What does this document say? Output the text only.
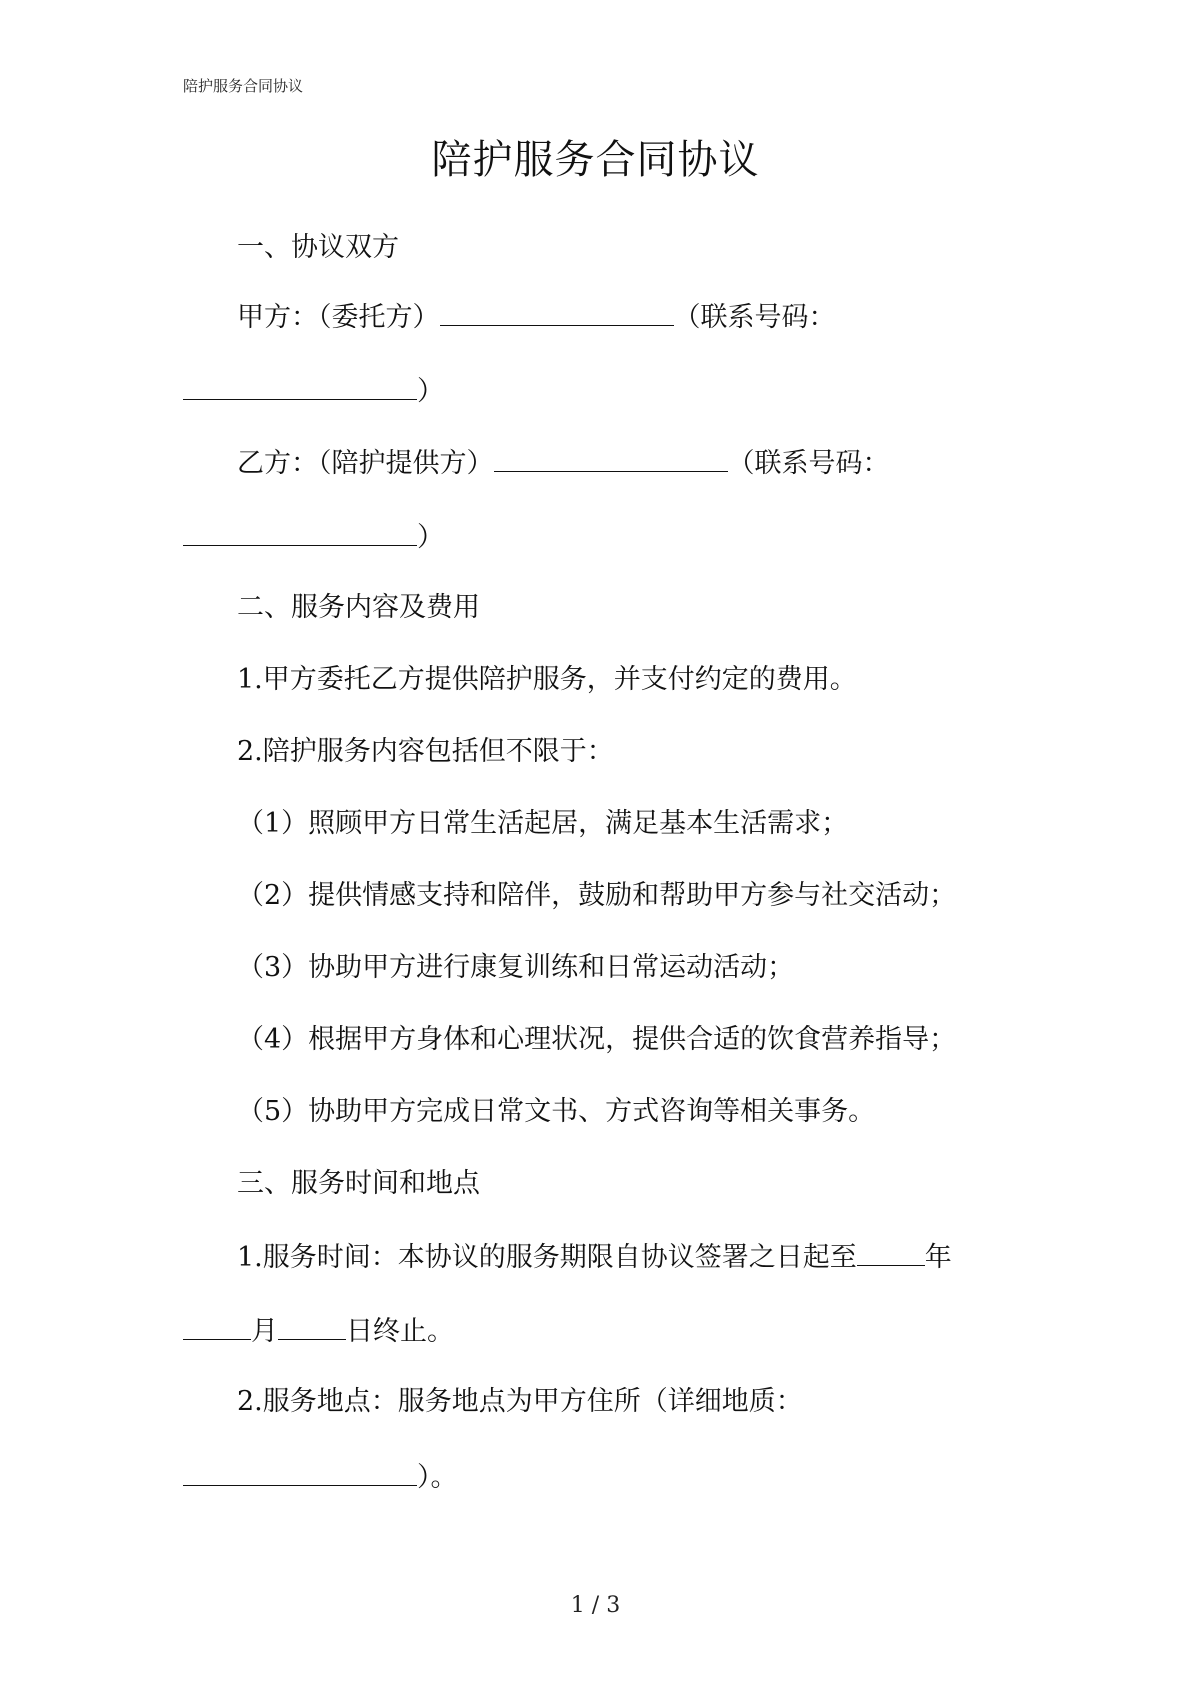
陪护服务合同协议
陪护服务合同协议
一、协议双方
甲方：（委托方）	（联系号码：
）
乙方：（陪护提供方）	（联系号码：
）
二、服务内容及费用
1.甲方委托乙方提供陪护服务，并支付约定的费用。
2.陪护服务内容包括但不限于：
（1）照顾甲方日常生活起居，满足基本生活需求；
（2）提供情感支持和陪伴，鼓励和帮助甲方参与社交活动；
（3）协助甲方进行康复训练和日常运动活动；
（4）根据甲方身体和心理状况，提供合适的饮食营养指导；
（5）协助甲方完成日常文书、方式咨询等相关事务。
三、服务时间和地点
1.服务时间：本协议的服务期限自协议签署之日起至	年
月	日终止。
2.服务地点：服务地点为甲方住所（详细地质：
）。
1 / 3
